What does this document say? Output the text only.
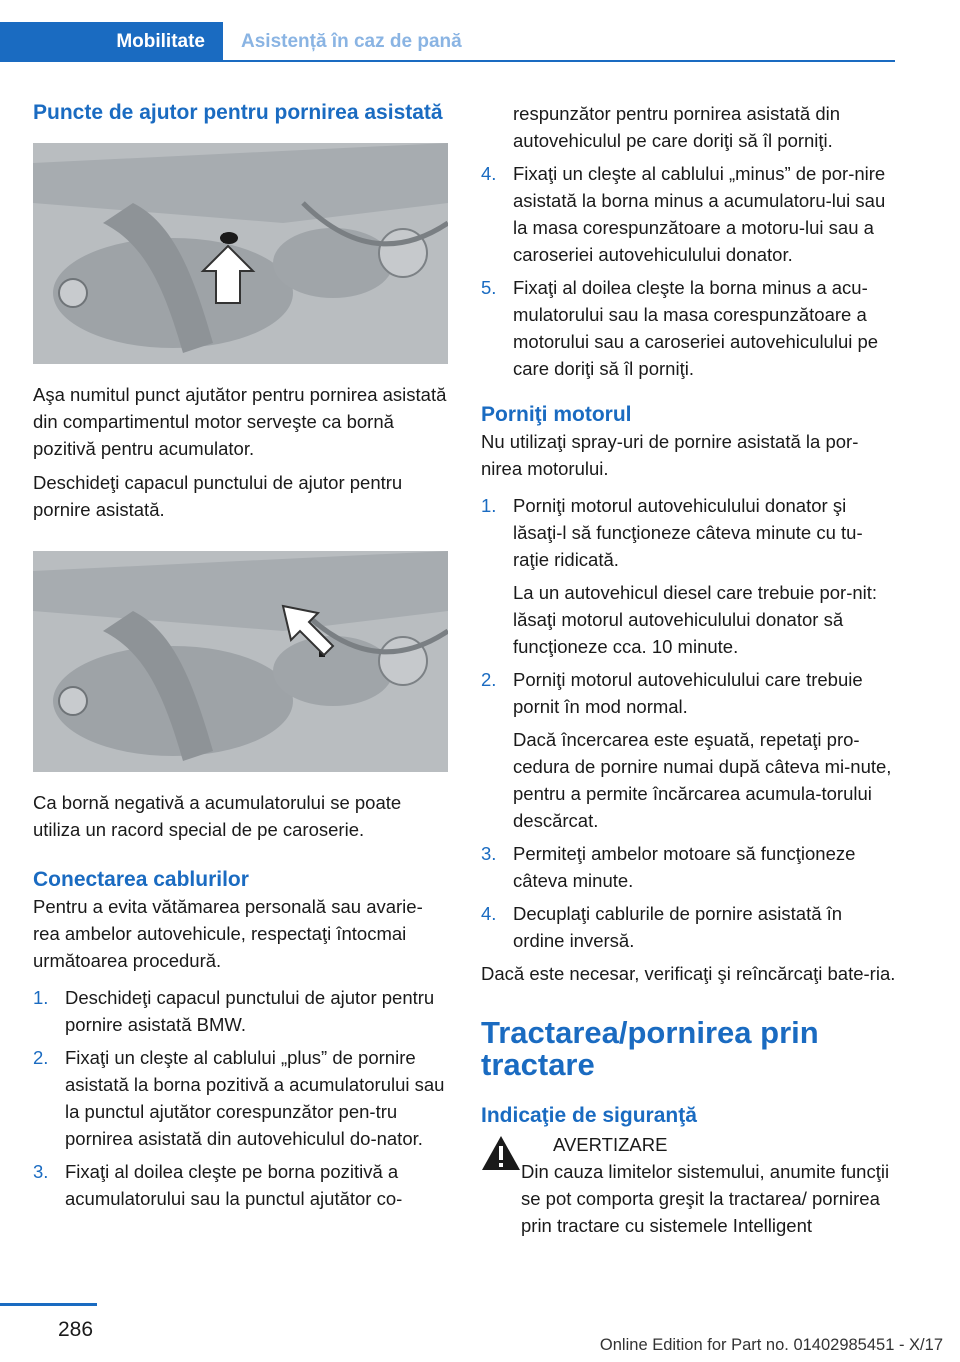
Mobilitate Asistență în caz de pană
Puncte de ajutor pentru pornirea asistată

Aşa numitul punct ajutător pentru pornirea asistată din compartimentul motor serveşte ca bornă pozitivă pentru acumulator.

Deschideţi capacul punctului de ajutor pentru pornire asistată.

Ca bornă negativă a acumulatorului se poate utiliza un racord special de pe caroserie.

Conectarea cablurilor

Pentru a evita vătămarea personală sau avarie‐rea ambelor autovehicule, respectaţi întocmai următoarea procedură.

1. Deschideţi capacul punctului de ajutor pentru pornire asistată BMW.
2. Fixaţi un cleşte al cablului „plus” de pornire asistată la borna pozitivă a acumulatorului sau la punctul ajutător corespunzător pen‐tru pornirea asistată din autovehiculul do‐nator.
3. Fixaţi al doilea cleşte pe borna pozitivă a acumulatorului sau la punctul ajutător co‐

respunzător pentru pornirea asistată din autovehiculul pe care doriţi să îl porniţi.

4. Fixaţi un cleşte al cablului „minus” de por‐nire asistată la borna minus a acumulatoru‐lui sau la masa corespunzătoare a motoru‐lui sau a caroseriei autovehiculului donator.
5. Fixaţi al doilea cleşte la borna minus a acu‐mulatorului sau la masa corespunzătoare a motorului sau a caroseriei autovehiculului pe care doriţi să îl porniţi.
Porniţi motorul

Nu utilizaţi spray-uri de pornire asistată la por‐nirea motorului.

1. Porniţi motorul autovehiculului donator şi lăsaţi-l să funcţioneze câteva minute cu tu‐raţie ridicată.
La un autovehicul diesel care trebuie por‐nit: lăsaţi motorul autovehiculului donator să funcţioneze cca. 10 minute.
2. Porniţi motorul autovehiculului care trebuie pornit în mod normal.
Dacă încercarea este eşuată, repetaţi pro‐cedura de pornire numai după câteva mi‐nute, pentru a permite încărcarea acumula‐torului descărcat.
3. Permiteţi ambelor motoare să funcţioneze câteva minute.
4. Decuplaţi cablurile de pornire asistată în ordine inversă.

Dacă este necesar, verificaţi şi reîncărcaţi bate‐ria.

Tractarea/pornirea prin tractare
Indicaţie de siguranţă

AVERTIZARE

Din cauza limitelor sistemului, anumite funcţii se pot comporta greşit la tractarea/ pornirea prin tractare cu sistemele Intelligent

286
Online Edition for Part no. 01402985451 - X/17
